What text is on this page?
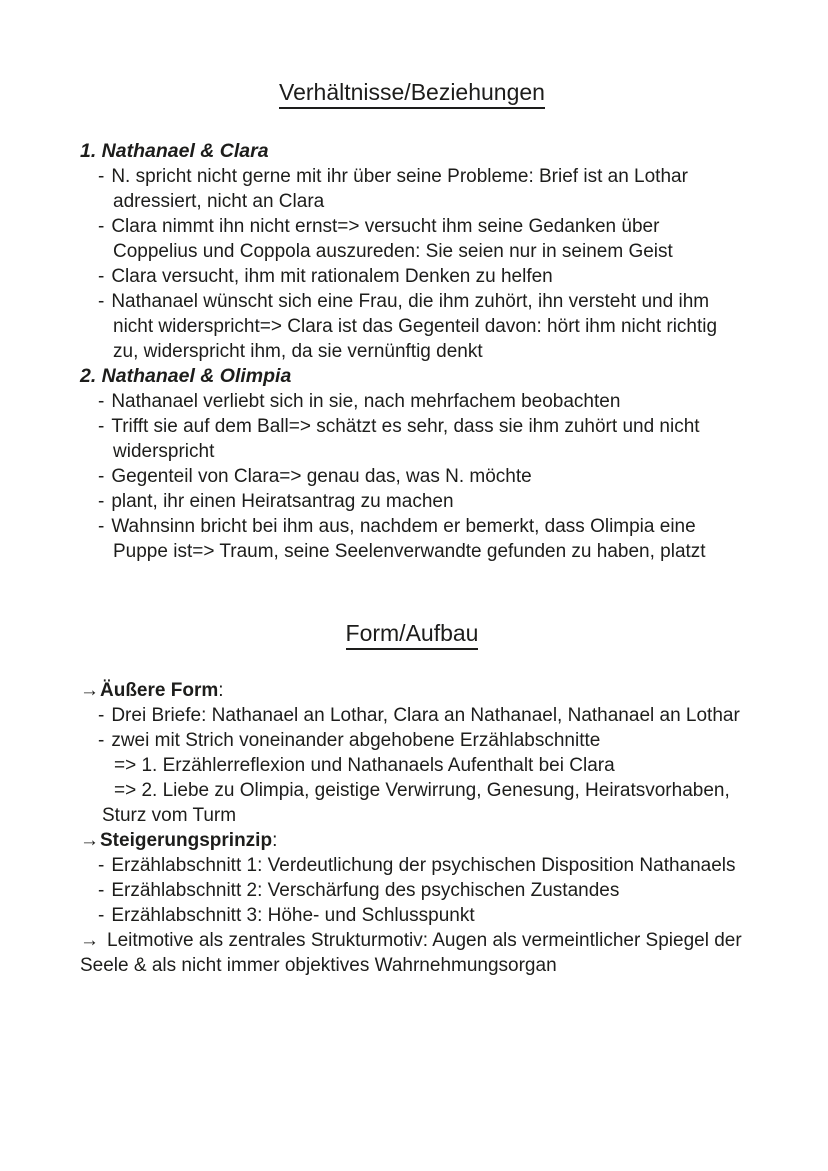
Verhältnisse/Beziehungen
1. Nathanael & Clara
- N. spricht nicht gerne mit ihr über seine Probleme: Brief ist an Lothar adressiert, nicht an Clara
- Clara nimmt ihn nicht ernst=> versucht ihm seine Gedanken über Coppelius und Coppola auszureden: Sie seien nur in seinem Geist
- Clara versucht, ihm mit rationalem Denken zu helfen
- Nathanael wünscht sich eine Frau, die ihm zuhört, ihn versteht und ihm nicht widerspricht=> Clara ist das Gegenteil davon: hört ihm nicht richtig zu, widerspricht ihm, da sie vernünftig denkt
2. Nathanael & Olimpia
- Nathanael verliebt sich in sie, nach mehrfachem beobachten
- Trifft sie auf dem Ball=> schätzt es sehr, dass sie ihm zuhört und nicht widerspricht
- Gegenteil von Clara=> genau das, was N. möchte
- plant, ihr einen Heiratsantrag zu machen
- Wahnsinn bricht bei ihm aus, nachdem er bemerkt, dass Olimpia eine Puppe ist=> Traum, seine Seelenverwandte gefunden zu haben, platzt
Form/Aufbau
→Äußere Form:
- Drei Briefe: Nathanael an Lothar, Clara an Nathanael, Nathanael an Lothar
- zwei mit Strich voneinander abgehobene Erzählabschnitte
=> 1. Erzählerreflexion und Nathanaels Aufenthalt bei Clara
=> 2. Liebe zu Olimpia, geistige Verwirrung, Genesung, Heiratsvorhaben, Sturz vom Turm
→Steigerungsprinzip:
- Erzählabschnitt 1: Verdeutlichung der psychischen Disposition Nathanaels
- Erzählabschnitt 2: Verschärfung des psychischen Zustandes
- Erzählabschnitt 3: Höhe- und Schlusspunkt
→ Leitmotive als zentrales Strukturmotiv: Augen als vermeintlicher Spiegel der Seele & als nicht immer objektives Wahrnehmungsorgan
